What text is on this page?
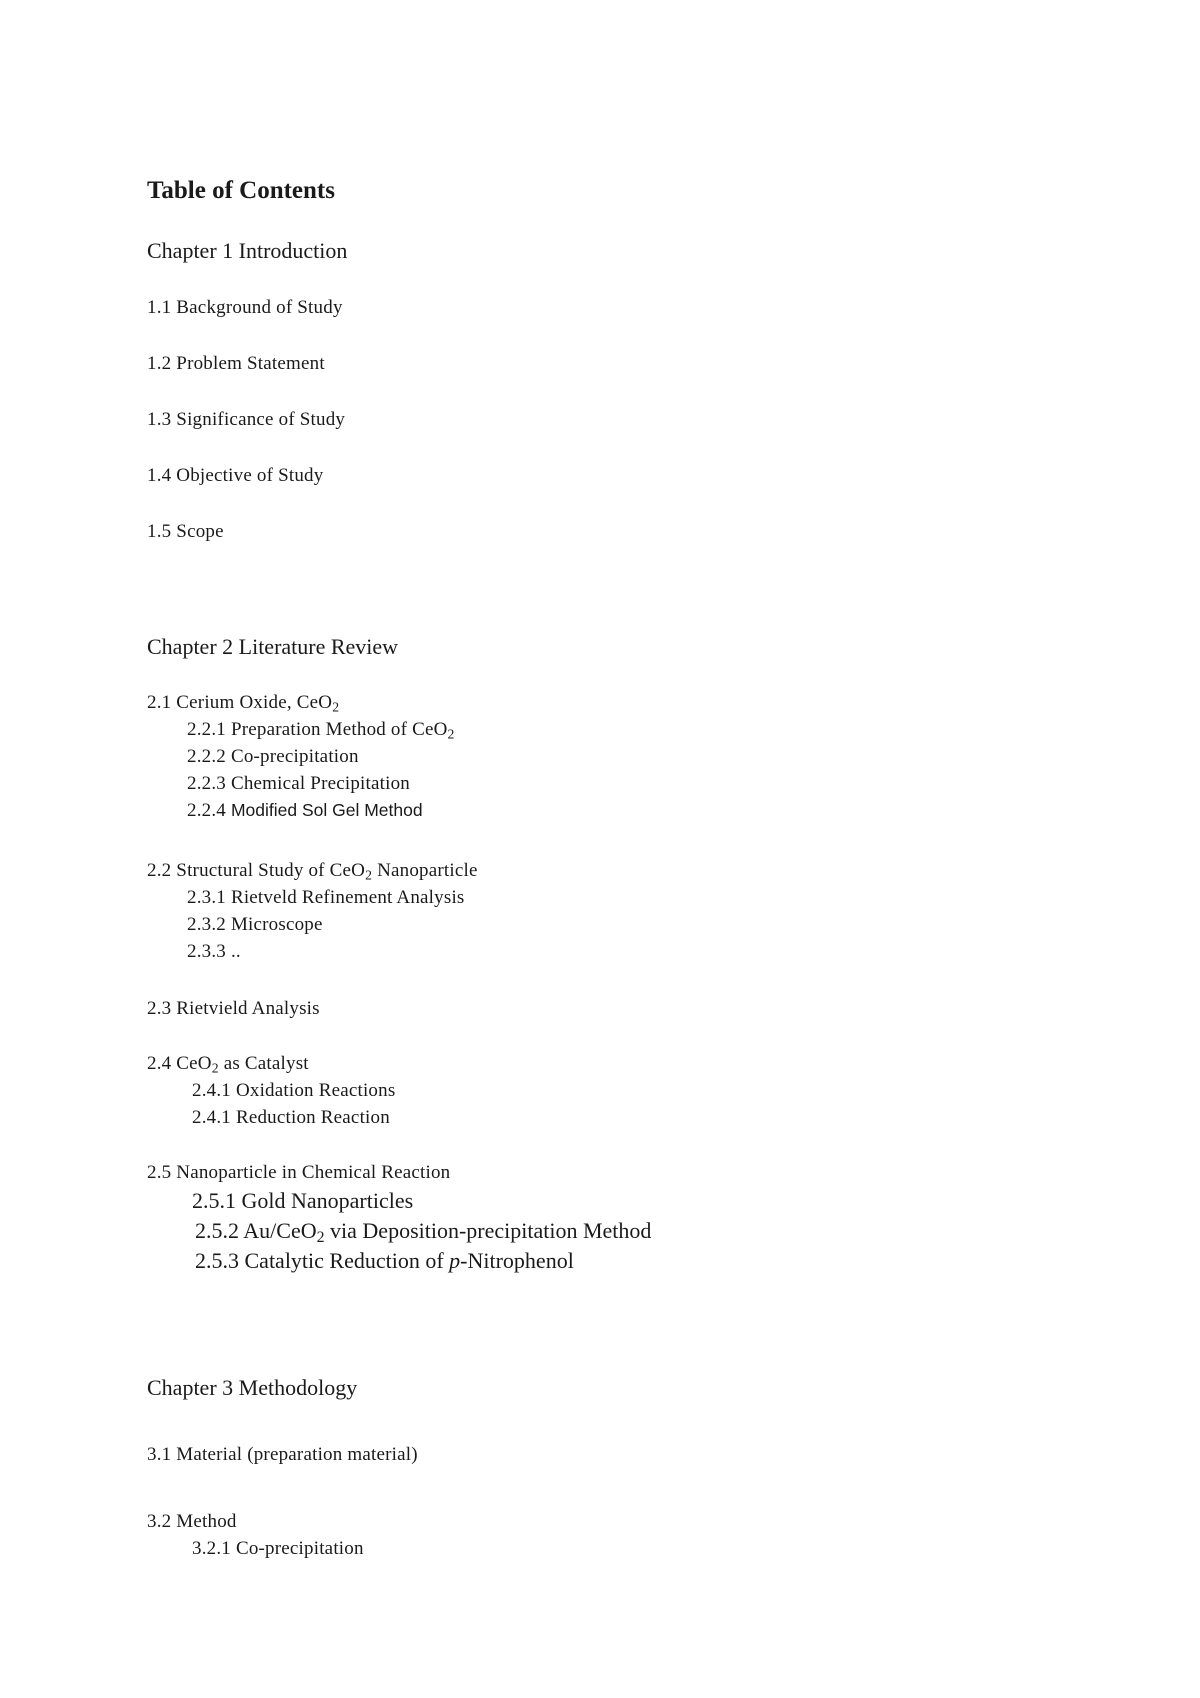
Table of Contents
Chapter 1 Introduction
1.1 Background of Study
1.2 Problem Statement
1.3 Significance of Study
1.4 Objective of Study
1.5 Scope
Chapter 2 Literature Review
2.1 Cerium Oxide, CeO$_2$
2.2.1 Preparation Method of CeO$_2$
2.2.2 Co-precipitation
2.2.3 Chemical Precipitation
2.2.4 Modified Sol Gel Method
2.2 Structural Study of CeO$_2$ Nanoparticle
2.3.1 Rietveld Refinement Analysis
2.3.2 Microscope
2.3.3 ..
2.3 Rietvield Analysis
2.4 CeO$_2$ as Catalyst
2.4.1 Oxidation Reactions
2.4.1 Reduction Reaction
2.5 Nanoparticle in Chemical Reaction
2.5.1 Gold Nanoparticles
2.5.2 Au/CeO$_2$ via Deposition-precipitation Method
2.5.3 Catalytic Reduction of p-Nitrophenol
Chapter 3 Methodology
3.1 Material (preparation material)
3.2 Method
3.2.1 Co-precipitation
